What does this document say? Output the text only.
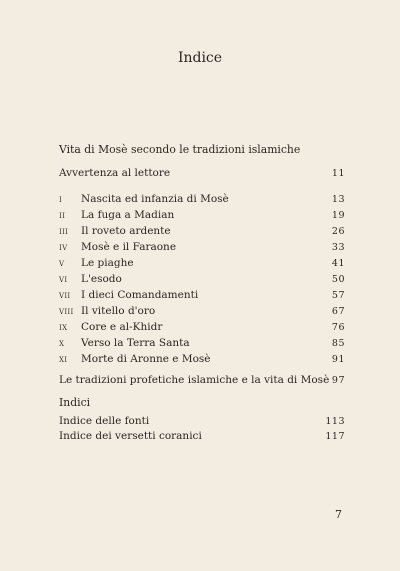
Indice
Vita di Mosè secondo le tradizioni islamiche
Avvertenza al lettore	11
I Nascita ed infanzia di Mosè	13
II La fuga a Madian	19
III Il roveto ardente	26
IV Mosè e il Faraone	33
V Le piaghe	41
VI L'esodo	50
VII I dieci Comandamenti	57
VIII Il vitello d'oro	67
IX Core e al-Khidr	76
X Verso la Terra Santa	85
XI Morte di Aronne e Mosè	91
Le tradizioni profetiche islamiche e la vita di Mosè 97
Indici
Indice delle fonti	113
Indice dei versetti coranici	117
7
